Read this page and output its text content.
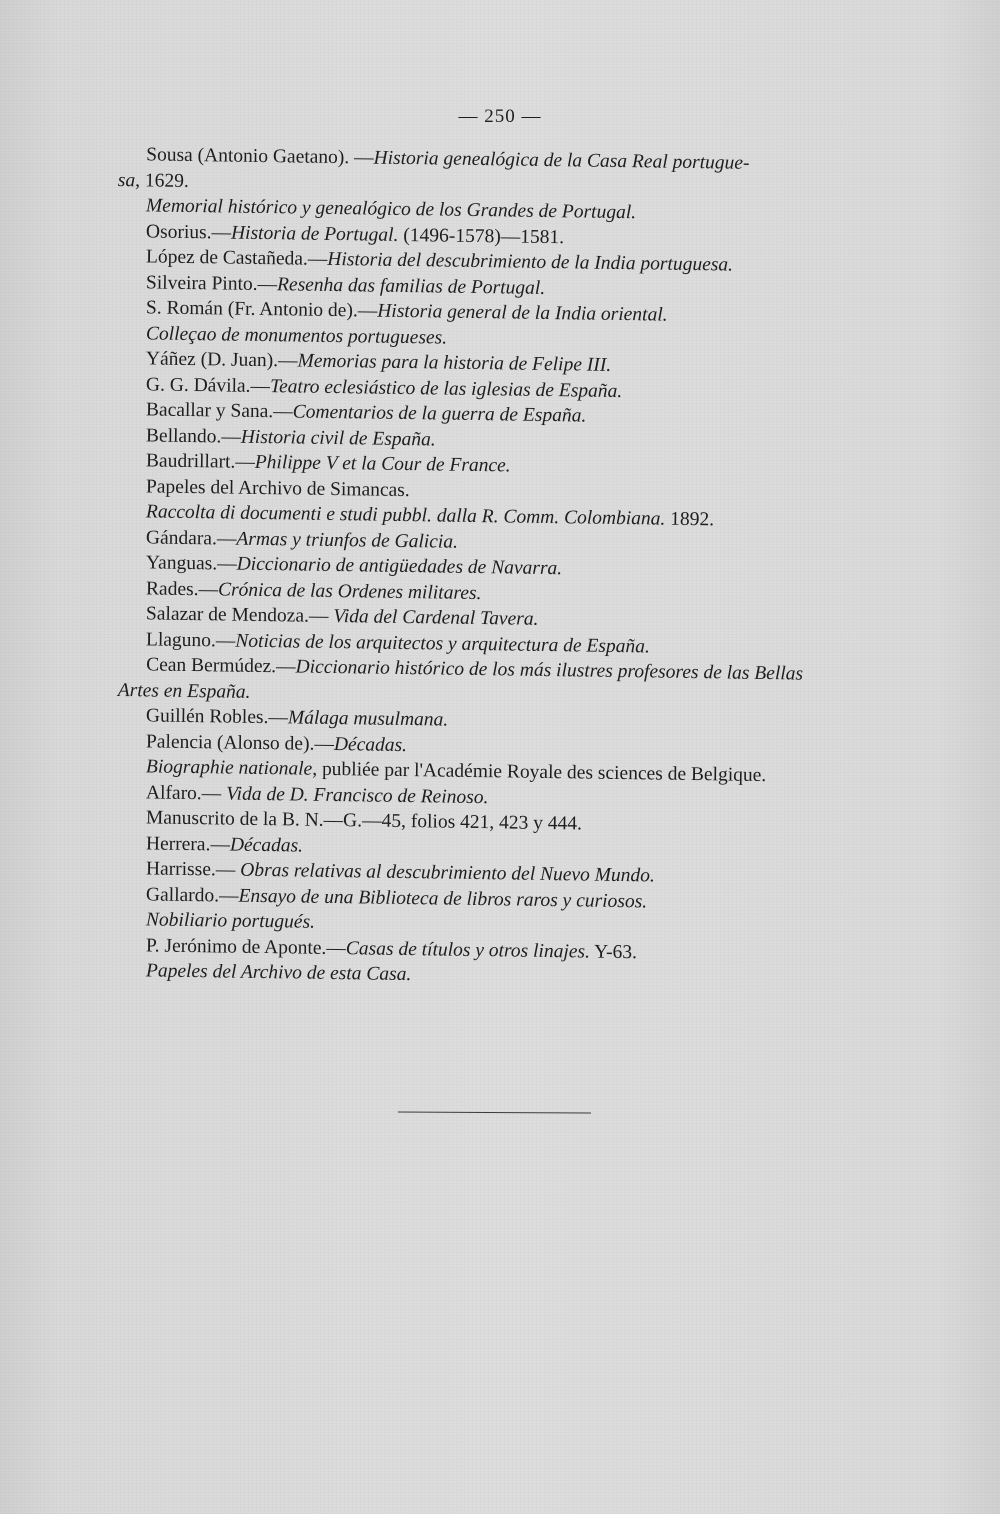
— 250 —
Sousa (Antonio Gaetano). —Historia genealógica de la Casa Real portugue-
sa, 1629.
Memorial histórico y genealógico de los Grandes de Portugal.
Osorius.—Historia de Portugal. (1496-1578)—1581.
López de Castañeda.—Historia del descubrimiento de la India portuguesa.
Silveira Pinto.—Resenha das familias de Portugal.
S. Román (Fr. Antonio de).—Historia general de la India oriental.
Colleçao de monumentos portugueses.
Yáñez (D. Juan).—Memorias para la historia de Felipe III.
G. G. Dávila.—Teatro eclesiástico de las iglesias de España.
Bacallar y Sana.—Comentarios de la guerra de España.
Bellando.—Historia civil de España.
Baudrillart.—Philippe V et la Cour de France.
Papeles del Archivo de Simancas.
Raccolta di documenti e studi pubbl. dalla R. Comm. Colombiana. 1892.
Gándara.—Armas y triunfos de Galicia.
Yanguas.—Diccionario de antigüedades de Navarra.
Rades.—Crónica de las Ordenes militares.
Salazar de Mendoza.— Vida del Cardenal Tavera.
Llaguno.—Noticias de los arquitectos y arquitectura de España.
Cean Bermúdez.—Diccionario histórico de los más ilustres profesores de las Bellas
Artes en España.
Guillén Robles.—Málaga musulmana.
Palencia (Alonso de).—Décadas.
Biographie nationale, publiée par l'Académie Royale des sciences de Belgique.
Alfaro.— Vida de D. Francisco de Reinoso.
Manuscrito de la B. N.—G.—45, folios 421, 423 y 444.
Herrera.—Décadas.
Harrisse.— Obras relativas al descubrimiento del Nuevo Mundo.
Gallardo.—Ensayo de una Biblioteca de libros raros y curiosos.
Nobiliario portugués.
P. Jerónimo de Aponte.—Casas de títulos y otros linajes. Y-63.
Papeles del Archivo de esta Casa.
